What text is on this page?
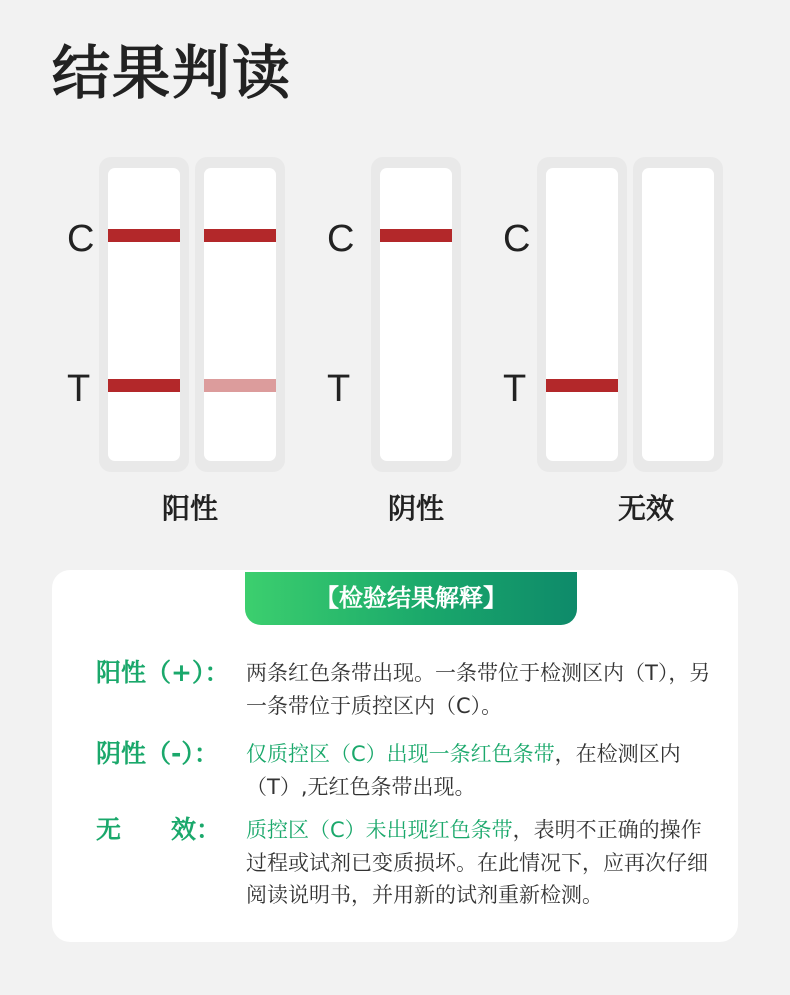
结果判读
C
T
阳性
C
T
阴性
C
T
无效
【检验结果解释】
阳性（+）： 两条红色条带出现。一条带位于检测区内（T），另一条带位于质控区内（C）。
阴性（-）：	仅质控区（C）出现一条红色条带，在检测区内（T）,无红色条带出现。
无　　效：	质控区（C）未出现红色条带，表明不正确的操作过程或试剂已变质损坏。在此情况下，应再次仔细阅读说明书，并用新的试剂重新检测。
